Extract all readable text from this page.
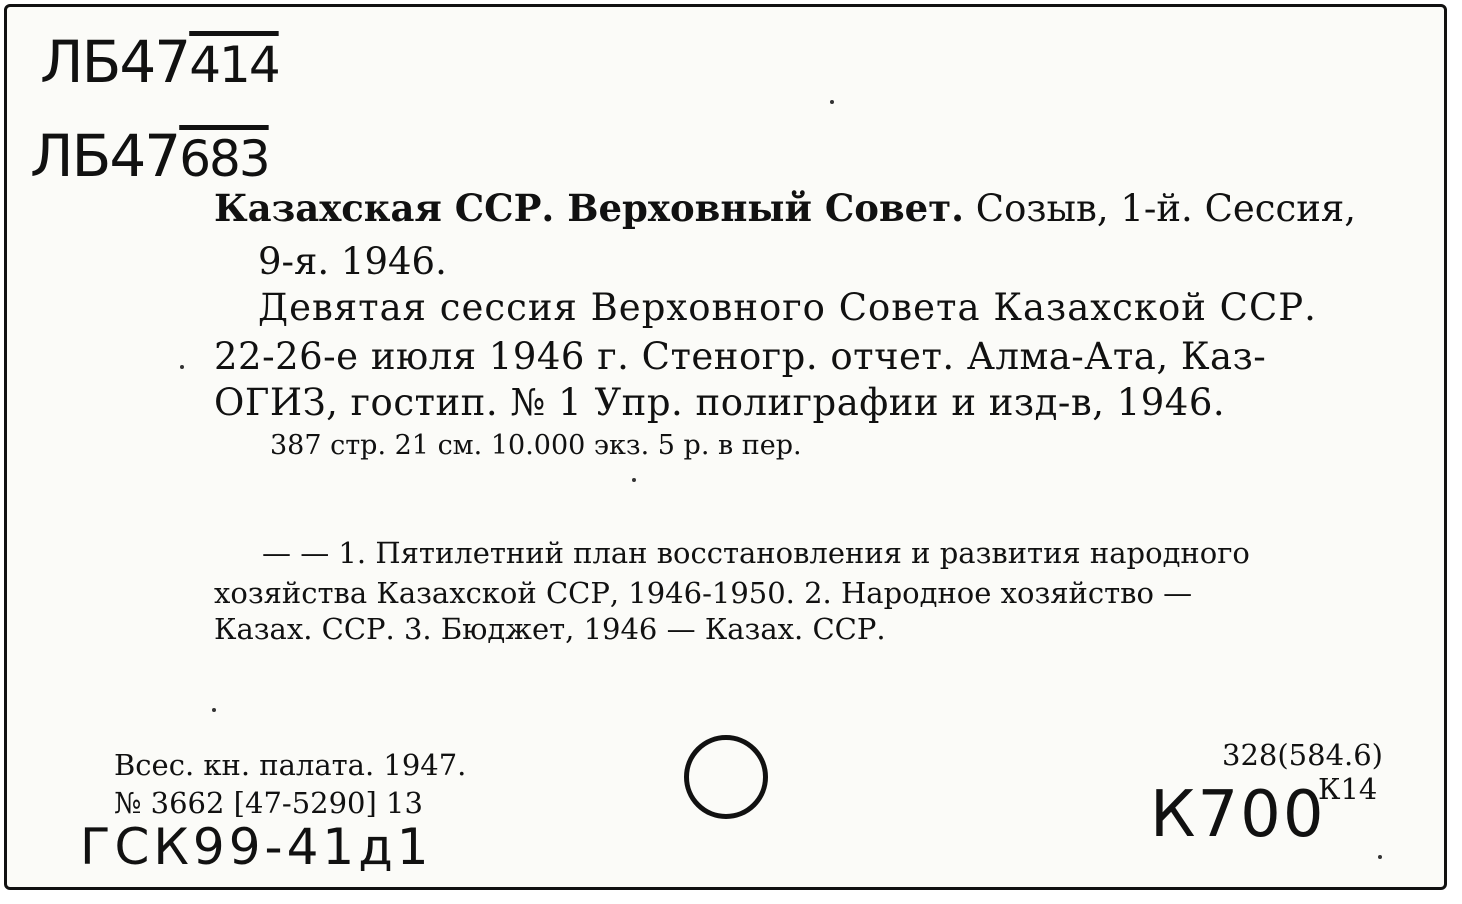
ЛБ47414
ЛБ47683
Казахская ССР. Верховный Совет. Созыв, 1-й. Сессия,
9-я. 1946.
Девятая сессия Верховного Совета Казахской ССР.
22-26-е июля 1946 г. Стеногр. отчет. Алма-Ата, Каз-
ОГИЗ, гостип. № 1 Упр. полиграфии и изд-в, 1946.
387 стр. 21 см. 10.000 экз. 5 р. в пер.
— — 1. Пятилетний план восстановления и развития народного
хозяйства Казахской ССР, 1946-1950. 2. Народное хозяйство —
Казах. ССР. 3. Бюджет, 1946 — Казах. ССР.
Всес. кн. палата. 1947.
№ 3662 [47-5290] 13
ГСК99-41д1
328(584.6)
К14
К700
